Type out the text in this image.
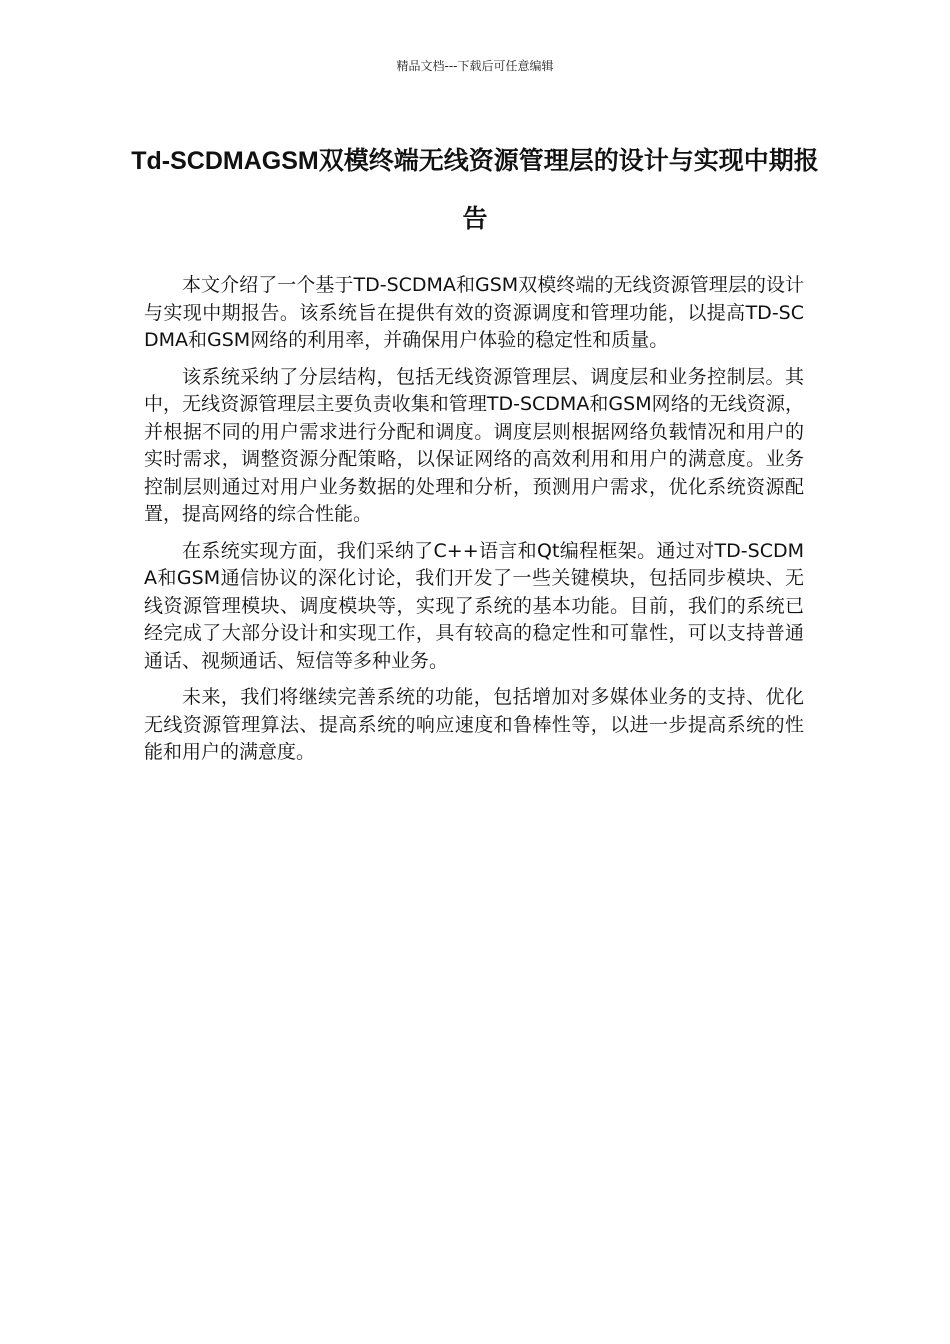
精品文档---下载后可任意编辑
Td-SCDMAGSM双模终端无线资源管理层的设计与实现中期报告

本文介绍了一个基于TD-SCDMA和GSM双模终端的无线资源管理层的设计与实现中期报告。该系统旨在提供有效的资源调度和管理功能，以提高TD-SCDMA和GSM网络的利用率，并确保用户体验的稳定性和质量。

该系统采纳了分层结构，包括无线资源管理层、调度层和业务控制层。其中，无线资源管理层主要负责收集和管理TD-SCDMA和GSM网络的无线资源，并根据不同的用户需求进行分配和调度。调度层则根据网络负载情况和用户的实时需求，调整资源分配策略，以保证网络的高效利用和用户的满意度。业务控制层则通过对用户业务数据的处理和分析，预测用户需求，优化系统资源配置，提高网络的综合性能。

在系统实现方面，我们采纳了C++语言和Qt编程框架。通过对TD-SCDMA和GSM通信协议的深化讨论，我们开发了一些关键模块，包括同步模块、无线资源管理模块、调度模块等，实现了系统的基本功能。目前，我们的系统已经完成了大部分设计和实现工作，具有较高的稳定性和可靠性，可以支持普通通话、视频通话、短信等多种业务。

未来，我们将继续完善系统的功能，包括增加对多媒体业务的支持、优化无线资源管理算法、提高系统的响应速度和鲁棒性等，以进一步提高系统的性能和用户的满意度。
